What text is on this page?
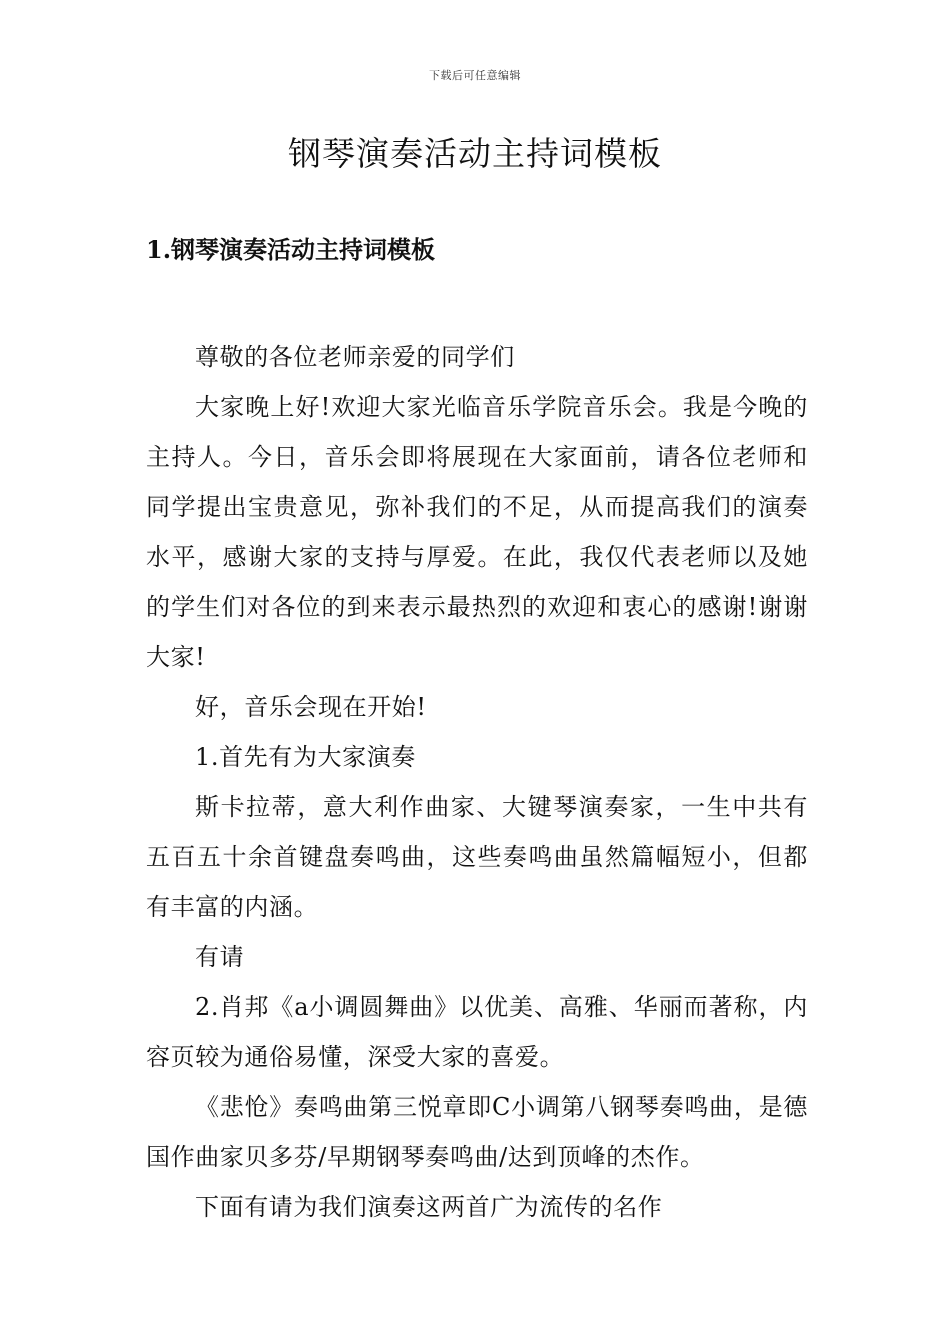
下载后可任意编辑
钢琴演奏活动主持词模板
1.钢琴演奏活动主持词模板

尊敬的各位老师亲爱的同学们

大家晚上好!欢迎大家光临音乐学院音乐会。我是今晚的主持人。今日，音乐会即将展现在大家面前，请各位老师和同学提出宝贵意见，弥补我们的不足，从而提高我们的演奏水平，感谢大家的支持与厚爱。在此，我仅代表老师以及她的学生们对各位的到来表示最热烈的欢迎和衷心的感谢!谢谢大家!

好，音乐会现在开始!

1.首先有为大家演奏

斯卡拉蒂，意大利作曲家、大键琴演奏家，一生中共有五百五十余首键盘奏鸣曲，这些奏鸣曲虽然篇幅短小，但都有丰富的内涵。

有请

2.肖邦《a小调圆舞曲》以优美、高雅、华丽而著称，内容页较为通俗易懂，深受大家的喜爱。

《悲怆》奏鸣曲第三悦章即C小调第八钢琴奏鸣曲，是德国作曲家贝多芬/早期钢琴奏鸣曲/达到顶峰的杰作。

下面有请为我们演奏这两首广为流传的名作
